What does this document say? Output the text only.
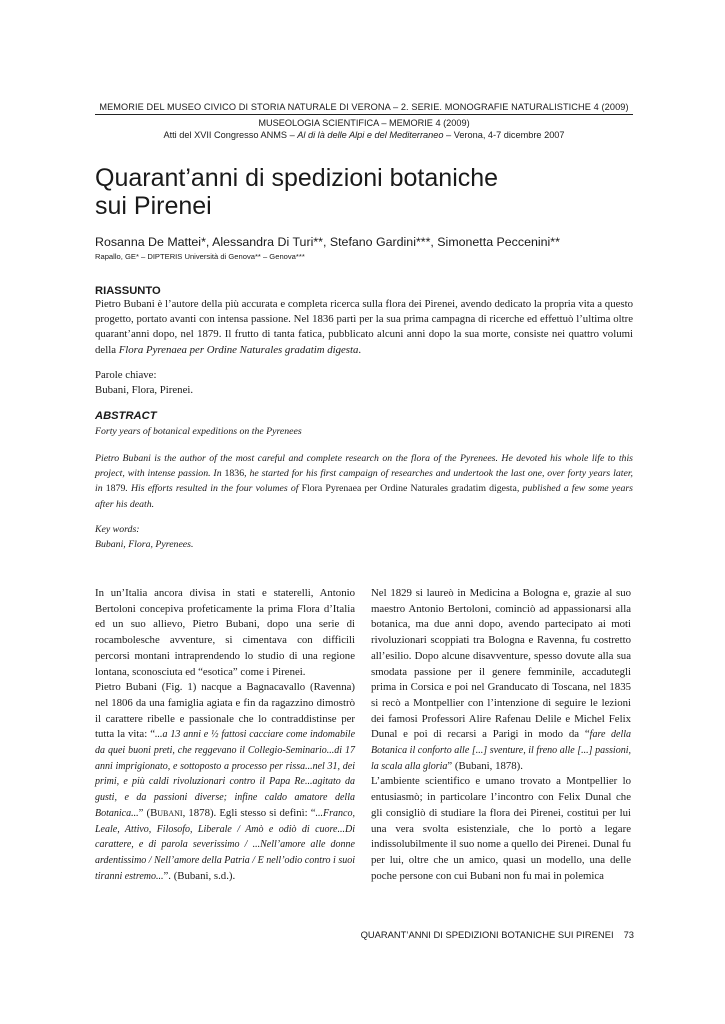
MEMORIE DEL MUSEO CIVICO DI STORIA NATURALE DI VERONA – 2. SERIE. MONOGRAFIE NATURALISTICHE 4 (2009)
MUSEOLOGIA SCIENTIFICA – MEMORIE 4 (2009)
Atti del XVII Congresso ANMS – Al di là delle Alpi e del Mediterraneo – Verona, 4-7 dicembre 2007
Quarant’anni di spedizioni botaniche
sui Pirenei
Rosanna De Mattei*, Alessandra Di Turi**, Stefano Gardini***, Simonetta Peccenini**
Rapallo, GE* – DIPTERIS Università di Genova** – Genova***
RIASSUNTO

Pietro Bubani è l’autore della più accurata e completa ricerca sulla flora dei Pirenei, avendo dedicato la propria vita a questo progetto, portato avanti con intensa passione. Nel 1836 partì per la sua prima campagna di ricerche ed effettuò l’ultima oltre quarant’anni dopo, nel 1879. Il frutto di tanta fatica, pubblicato alcuni anni dopo la sua morte, consiste nei quattro volumi della Flora Pyrenaea per Ordine Naturales gradatim digesta.

Parole chiave:

Bubani, Flora, Pirenei.

ABSTRACT

Forty years of botanical expeditions on the Pyrenees

Pietro Bubani is the author of the most careful and complete research on the flora of the Pyrenees. He devoted his whole life to this project, with intense passion. In 1836, he started for his first campaign of researches and undertook the last one, over forty years later, in 1879. His efforts resulted in the four volumes of Flora Pyrenaea per Ordine Naturales gradatim digesta, published a few some years after his death.

Key words:

Bubani, Flora, Pyrenees.

In un’Italia ancora divisa in stati e staterelli, Antonio Bertoloni concepiva profeticamente la prima Flora d’Italia ed un suo allievo, Pietro Bubani, dopo una serie di rocambolesche avventure, si cimentava con difficili percorsi montani intraprendendo lo studio di una regione lontana, sconosciuta ed “esotica” come i Pirenei.

Pietro Bubani (Fig. 1) nacque a Bagnacavallo (Ravenna) nel 1806 da una famiglia agiata e fin da ragazzino dimostrò il carattere ribelle e passionale che lo contraddistinse per tutta la vita: “...a 13 anni e ½ fattosi cacciare come indomabile da quei buoni preti, che reggevano il Collegio-Seminario...di 17 anni imprigionato, e sottoposto a processo per rissa...nel 31, dei primi, e più caldi rivoluzionari contro il Papa Re...agitato da gusti, e da passioni diverse; infine caldo amatore della Botanica...” (Bubani, 1878). Egli stesso si definì: “...Franco, Leale, Attivo, Filosofo, Liberale / Amò e odiò di cuore...Di carattere, e di parola severissimo / ...Nell’amore alle donne ardentissimo / Nell’amore della Patria / E nell’odio contro i suoi tiranni estremo...”. (Bubani, s.d.).

Nel 1829 si laureò in Medicina a Bologna e, grazie al suo maestro Antonio Bertoloni, cominciò ad appassionarsi alla botanica, ma due anni dopo, avendo partecipato ai moti rivoluzionari scoppiati tra Bologna e Ravenna, fu costretto all’esilio. Dopo alcune disavventure, spesso dovute alla sua smodata passione per il genere femminile, accadutegli prima in Corsica e poi nel Granducato di Toscana, nel 1835 si recò a Montpellier con l’intenzione di seguire le lezioni dei famosi Professori Alire Rafenau Delile e Michel Felix Dunal e poi di recarsi a Parigi in modo da “fare della Botanica il conforto alle [...] sventure, il freno alle [...] passioni, la scala alla gloria” (Bubani, 1878).

L’ambiente scientifico e umano trovato a Montpellier lo entusiasmò; in particolare l’incontro con Felix Dunal che gli consigliò di studiare la flora dei Pirenei, costituì per lui una vera svolta esistenziale, che lo portò a legare indissolubilmente il suo nome a quello dei Pirenei. Dunal fu per lui, oltre che un amico, quasi un modello, una delle poche persone con cui Bubani non fu mai in polemica

QUARANT’ANNI DI SPEDIZIONI BOTANICHE SUI PIRENEI 73
